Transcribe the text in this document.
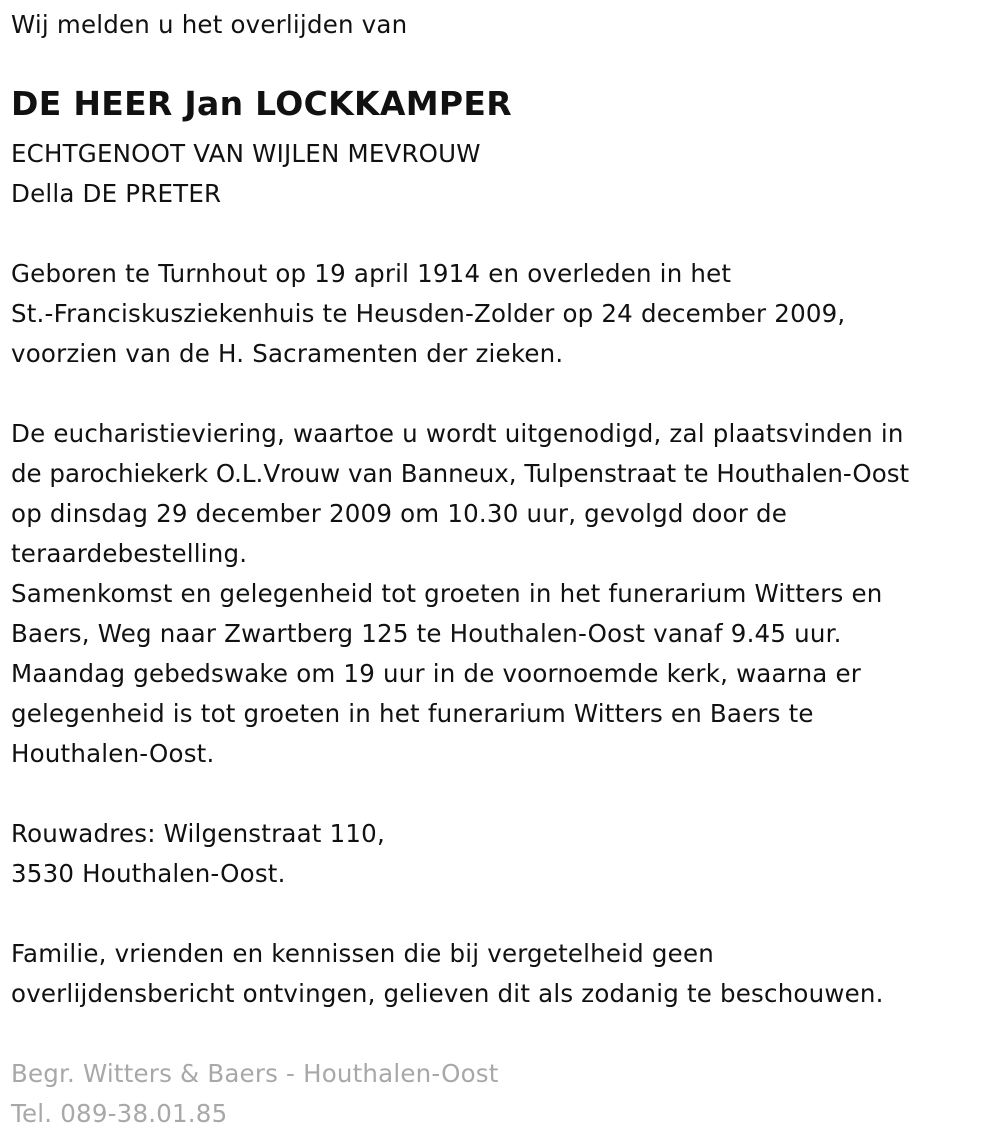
Wij melden u het overlijden van
DE HEER Jan LOCKKAMPER
ECHTGENOOT VAN WIJLEN MEVROUW
Della DE PRETER
Geboren te Turnhout op 19 april 1914 en overleden in het
St.-Franciskusziekenhuis te Heusden-Zolder op 24 december 2009,
voorzien van de H. Sacramenten der zieken.
De eucharistieviering, waartoe u wordt uitgenodigd, zal plaatsvinden in
de parochiekerk O.L.Vrouw van Banneux, Tulpenstraat te Houthalen-Oost
op dinsdag 29 december 2009 om 10.30 uur, gevolgd door de
teraardebestelling.
Samenkomst en gelegenheid tot groeten in het funerarium Witters en
Baers, Weg naar Zwartberg 125 te Houthalen-Oost vanaf 9.45 uur.
Maandag gebedswake om 19 uur in de voornoemde kerk, waarna er
gelegenheid is tot groeten in het funerarium Witters en Baers te
Houthalen-Oost.
Rouwadres: Wilgenstraat 110,
3530 Houthalen-Oost.
Familie, vrienden en kennissen die bij vergetelheid geen
overlijdensbericht ontvingen, gelieven dit als zodanig te beschouwen.
Begr. Witters & Baers - Houthalen-Oost
Tel. 089-38.01.85
